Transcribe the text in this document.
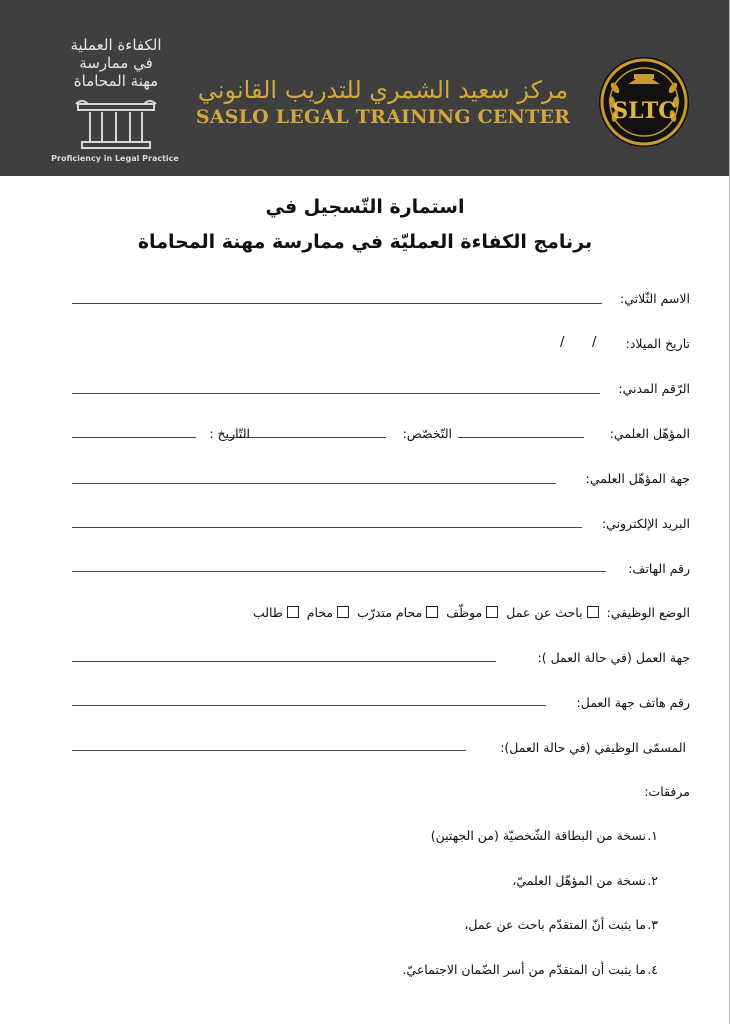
SLTC
مركز سعيد الشمري للتدريب القانوني
SASLO LEGAL TRAINING CENTER
الكفاءة العملية
في ممارسة
مهنة المحاماة
Proficiency in Legal Practice
استمارة التّسجيل في
برنامج الكفاءة العمليّة في ممارسة مهنة المحاماة
الاسم الثّلاثي:
تاريخ الميلاد:
/
/
الرّقم المدني:
المؤهّل العلمي:
التّخصّص:
التّاريخ :
جهة المؤهّل العلمي:
البريد الإلكتروني:
رقم الهاتف:
الوضع الوظيفي: باحث عن عمل موظّف محام متدرّب محام طالب
جهة العمل (في حالة العمل ):
رقم هاتف جهة العمل:
المسمّى الوظيفي (في حالة العمل):
مرفقات:
١.
نسخة من البطاقة الشّخصيّة (من الجهتين)
٢.
نسخة من المؤهّل العلميّ،
٣.
ما يثبت أنّ المتقدّم باحث عن عمل،
٤.
ما يثبت أن المتقدّم من أسر الضّمان الاجتماعيّ.
